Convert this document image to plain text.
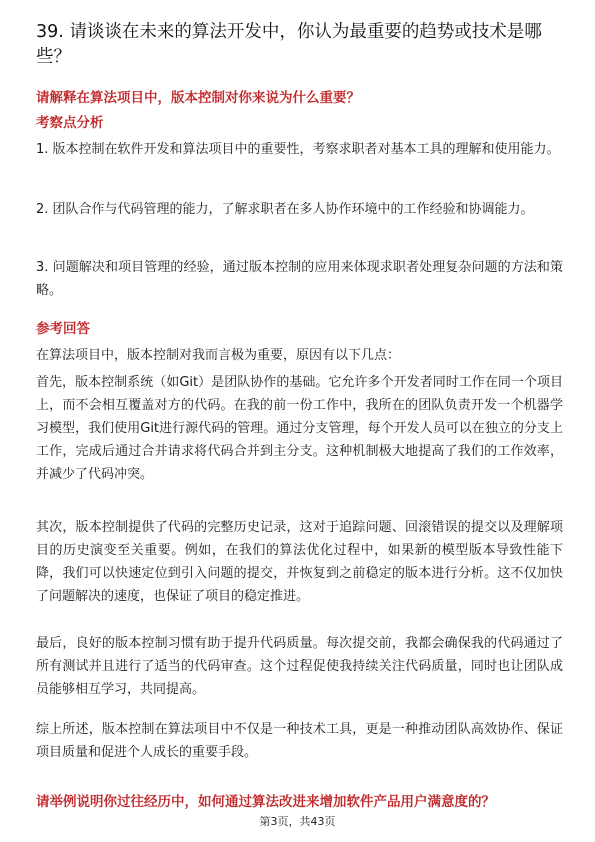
39. 请谈谈在未来的算法开发中，你认为最重要的趋势或技术是哪些？

请解释在算法项目中，版本控制对你来说为什么重要？

考察点分析

1. 版本控制在软件开发和算法项目中的重要性，考察求职者对基本工具的理解和使用能力。

2. 团队合作与代码管理的能力，了解求职者在多人协作环境中的工作经验和协调能力。

3. 问题解决和项目管理的经验，通过版本控制的应用来体现求职者处理复杂问题的方法和策略。

参考回答

在算法项目中，版本控制对我而言极为重要，原因有以下几点：

首先，版本控制系统（如Git）是团队协作的基础。它允许多个开发者同时工作在同一个项目上，而不会相互覆盖对方的代码。在我的前一份工作中，我所在的团队负责开发一个机器学习模型，我们使用Git进行源代码的管理。通过分支管理，每个开发人员可以在独立的分支上工作，完成后通过合并请求将代码合并到主分支。这种机制极大地提高了我们的工作效率，并减少了代码冲突。

其次，版本控制提供了代码的完整历史记录，这对于追踪问题、回滚错误的提交以及理解项目的历史演变至关重要。例如，在我们的算法优化过程中，如果新的模型版本导致性能下降，我们可以快速定位到引入问题的提交，并恢复到之前稳定的版本进行分析。这不仅加快了问题解决的速度，也保证了项目的稳定推进。

最后，良好的版本控制习惯有助于提升代码质量。每次提交前，我都会确保我的代码通过了所有测试并且进行了适当的代码审查。这个过程促使我持续关注代码质量，同时也让团队成员能够相互学习，共同提高。

综上所述，版本控制在算法项目中不仅是一种技术工具，更是一种推动团队高效协作、保证项目质量和促进个人成长的重要手段。

请举例说明你过往经历中，如何通过算法改进来增加软件产品用户满意度的？

第3页，共43页
